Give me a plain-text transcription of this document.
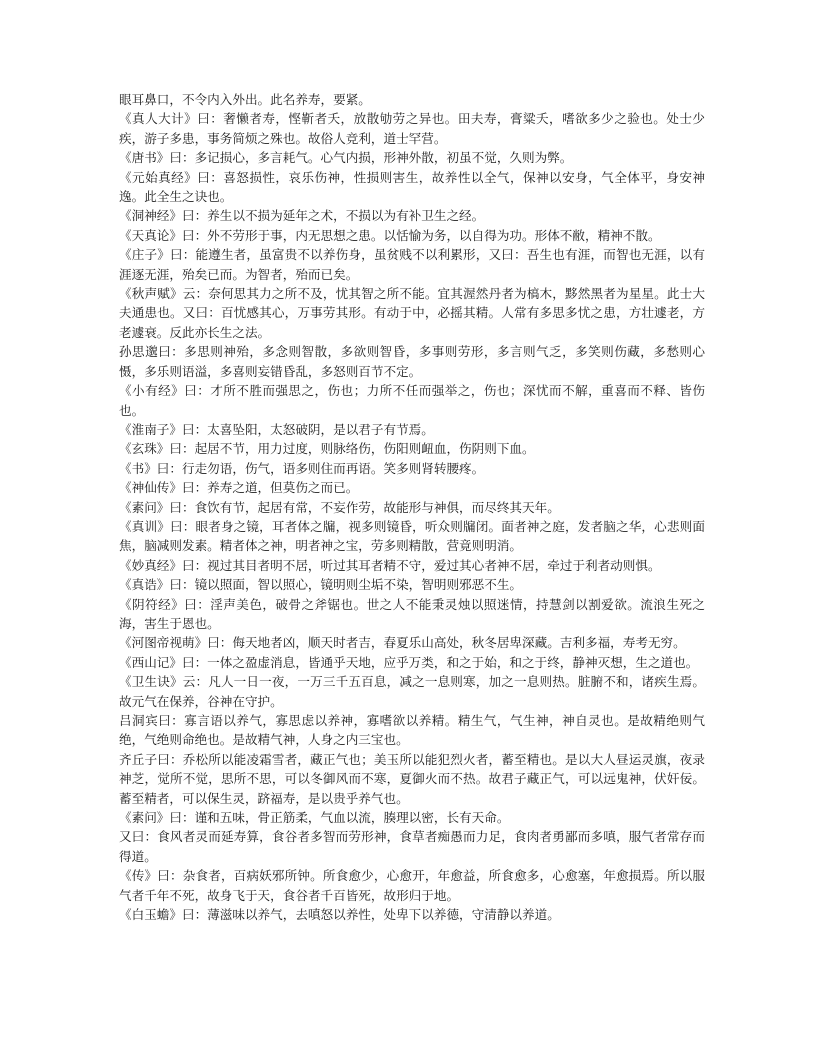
眼耳鼻口，不令内入外出。此名养寿，要紧。

《真人大计》曰：奢懒者寿，悭靳者夭，放散劬劳之异也。田夫寿，膏粱夭，嗜欲多少之验也。处士少疾，游子多患，事务简烦之殊也。故俗人竞利，道士罕营。

《唐书》曰：多记损心，多言耗气。心气内损，形神外散，初虽不觉，久则为弊。

《元始真经》曰：喜怒损性，哀乐伤神，性损则害生，故养性以全气，保神以安身，气全体平，身安神逸。此全生之诀也。

《洞神经》曰：养生以不损为延年之术，不损以为有补卫生之经。

《天真论》曰：外不劳形于事，内无思想之患。以恬愉为务，以自得为功。形体不敝，精神不散。

《庄子》曰：能遵生者，虽富贵不以养伤身，虽贫贱不以利累形，又曰：吾生也有涯，而智也无涯，以有涯逐无涯，殆矣已而。为智者，殆而已矣。

《秋声赋》云：奈何思其力之所不及，忧其智之所不能。宜其渥然丹者为槁木，黟然黑者为星星。此士大夫通患也。又曰：百忧感其心，万事劳其形。有动于中，必摇其精。人常有多思多忧之患，方壮遽老，方老遽衰。反此亦长生之法。

孙思邈曰：多思则神殆，多念则智散，多欲则智昏，多事则劳形，多言则气乏，多笑则伤藏，多愁则心慑，多乐则语溢，多喜则妄错昏乱，多怒则百节不定。

《小有经》曰：才所不胜而强思之，伤也；力所不任而强举之，伤也；深忧而不解，重喜而不释、皆伤也。

《淮南子》曰：太喜坠阳，太怒破阴，是以君子有节焉。

《玄珠》曰：起居不节，用力过度，则脉络伤，伤阳则衄血，伤阴则下血。

《书》曰：行走勿语，伤气，语多则住而再语。笑多则肾转腰疼。

《神仙传》曰：养寿之道，但莫伤之而已。

《素问》曰：食饮有节，起居有常，不妄作劳，故能形与神俱，而尽终其天年。

《真训》曰：眼者身之镜，耳者体之牖，视多则镜昏，听众则牖闭。面者神之庭，发者脑之华，心悲则面焦，脑减则发素。精者体之神，明者神之宝，劳多则精散，营竟则明消。

《妙真经》曰：视过其目者明不居，听过其耳者精不守，爱过其心者神不居，牵过于利者动则惧。

《真诰》曰：镜以照面，智以照心，镜明则尘垢不染，智明则邪恶不生。

《阴符经》曰：淫声美色，破骨之斧锯也。世之人不能秉灵烛以照迷情，持慧剑以割爱欲。流浪生死之海，害生于恩也。

《河图帝视萌》曰：侮天地者凶，顺天时者吉，春夏乐山高处，秋冬居卑深藏。吉利多福，寿考无穷。

《西山记》曰：一体之盈虚消息，皆通乎天地，应乎万类，和之于始，和之于终，静神灭想，生之道也。

《卫生诀》云：凡人一日一夜，一万三千五百息，减之一息则寒，加之一息则热。脏腑不和，诸疾生焉。故元气在保养，谷神在守护。

吕洞宾曰：寡言语以养气，寡思虑以养神，寡嗜欲以养精。精生气，气生神，神自灵也。是故精绝则气绝，气绝则命绝也。是故精气神，人身之内三宝也。

齐丘子曰：乔松所以能凌霜雪者，藏正气也；美玉所以能犯烈火者，蓄至精也。是以大人昼运灵旗，夜录神芝，觉所不觉，思所不思，可以冬御风而不寒，夏御火而不热。故君子藏正气，可以远鬼神，伏奸佞。蓄至精者，可以保生灵，跻福寿，是以贵乎养气也。

《素问》曰：谨和五味，骨正筋柔，气血以流，腠理以密，长有天命。

又曰：食风者灵而延寿算，食谷者多智而劳形神，食草者痴愚而力足，食肉者勇鄙而多嗔，服气者常存而得道。

《传》曰：杂食者，百病妖邪所钟。所食愈少，心愈开，年愈益，所食愈多，心愈塞，年愈损焉。所以服气者千年不死，故身飞于天，食谷者千百皆死，故形归于地。

《白玉蟾》曰：薄滋味以养气，去嗔怒以养性，处卑下以养德，守清静以养道。
